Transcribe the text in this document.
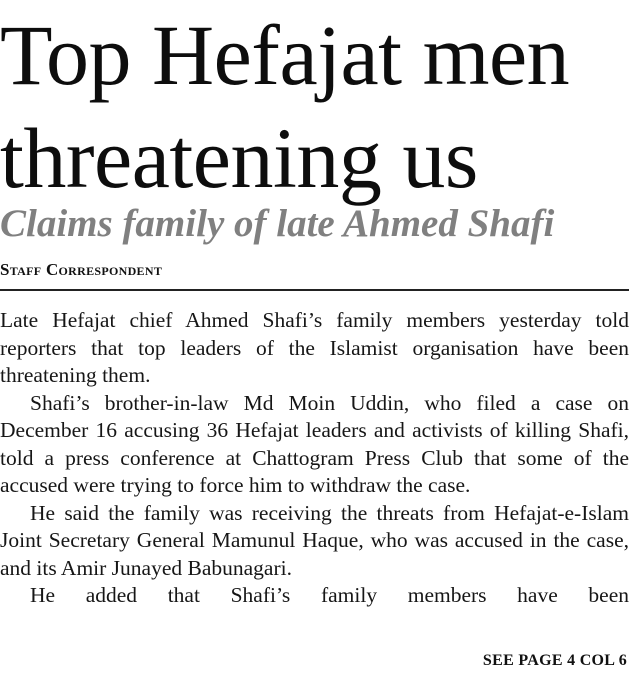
Top Hefajat men
threatening us
Claims family of late Ahmed Shafi
Staff Correspondent

Late Hefajat chief Ahmed Shafi’s family members yesterday told reporters that top leaders of the Islamist organisation have been threatening them.

Shafi’s brother-in-law Md Moin Uddin, who filed a case on December 16 accusing 36 Hefajat leaders and activists of killing Shafi, told a press conference at Chattogram Press Club that some of the accused were trying to force him to withdraw the case.

He said the family was receiving the threats from Hefajat-e-Islam Joint Secretary General Mamunul Haque, who was accused in the case, and its Amir Junayed Babunagari.

He added that Shafi’s family members have been

SEE PAGE 4 COL 6
